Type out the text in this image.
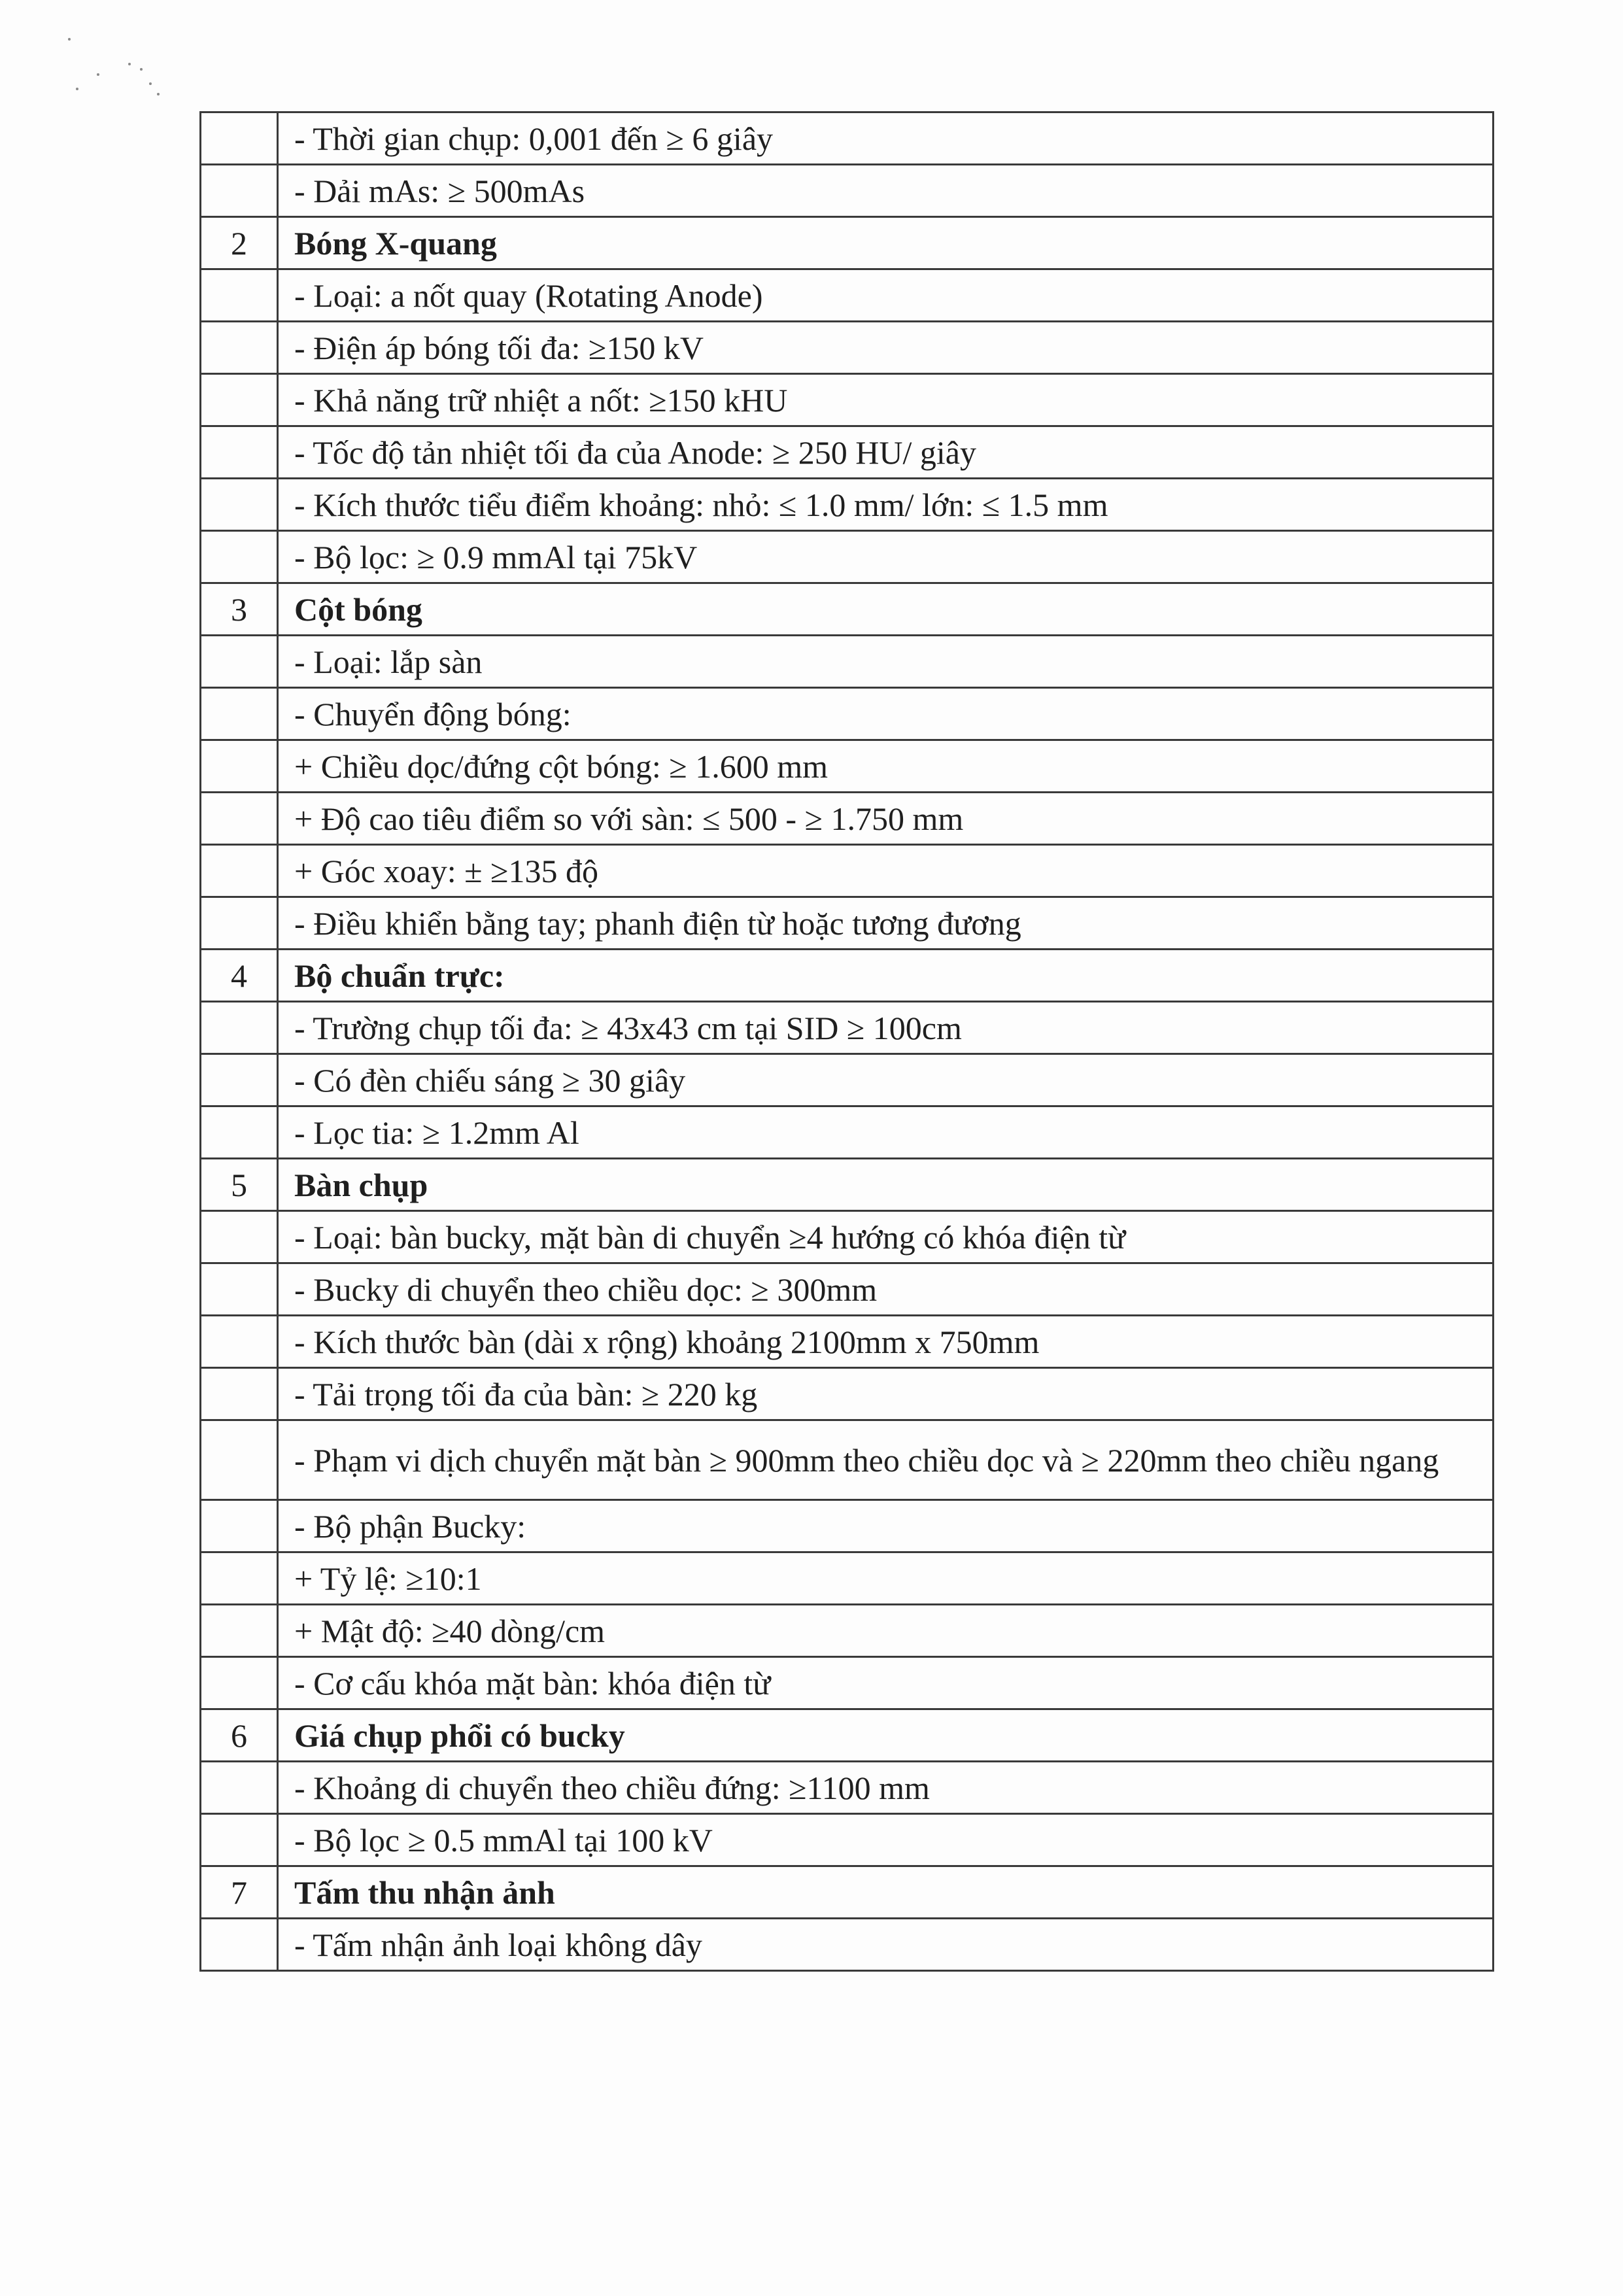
	- Thời gian chụp: 0,001 đến ≥ 6 giây
	- Dải mAs: ≥ 500mAs
2	Bóng X-quang
	- Loại: a nốt quay (Rotating Anode)
	- Điện áp bóng tối đa: ≥150 kV
	- Khả năng trữ nhiệt a nốt: ≥150 kHU
	- Tốc độ tản nhiệt tối đa của Anode: ≥ 250 HU/ giây
	- Kích thước tiểu điểm khoảng: nhỏ: ≤ 1.0 mm/ lớn: ≤ 1.5 mm
	- Bộ lọc: ≥ 0.9 mmAl tại 75kV
3	Cột bóng
	- Loại: lắp sàn
	- Chuyển động bóng:
	+ Chiều dọc/đứng cột bóng: ≥ 1.600 mm
	+ Độ cao tiêu điểm so với sàn: ≤ 500 - ≥ 1.750 mm
	+ Góc xoay: ± ≥135 độ
	- Điều khiển bằng tay; phanh điện từ hoặc tương đương
4	Bộ chuẩn trực:
	- Trường chụp tối đa: ≥ 43x43 cm tại SID ≥ 100cm
	- Có đèn chiếu sáng ≥ 30 giây
	- Lọc tia: ≥ 1.2mm Al
5	Bàn chụp
	- Loại: bàn bucky, mặt bàn di chuyển ≥4 hướng có khóa điện từ
	- Bucky di chuyển theo chiều dọc: ≥ 300mm
	- Kích thước bàn (dài x rộng) khoảng 2100mm x 750mm
	- Tải trọng tối đa của bàn: ≥ 220 kg
	- Phạm vi dịch chuyển mặt bàn ≥ 900mm theo chiều dọc và ≥ 220mm theo chiều ngang
	- Bộ phận Bucky:
	+ Tỷ lệ: ≥10:1
	+ Mật độ: ≥40 dòng/cm
	- Cơ cấu khóa mặt bàn: khóa điện từ
6	Giá chụp phổi có bucky
	- Khoảng di chuyển theo chiều đứng: ≥1100 mm
	- Bộ lọc ≥ 0.5 mmAl tại 100 kV
7	Tấm thu nhận ảnh
	- Tấm nhận ảnh loại không dây
